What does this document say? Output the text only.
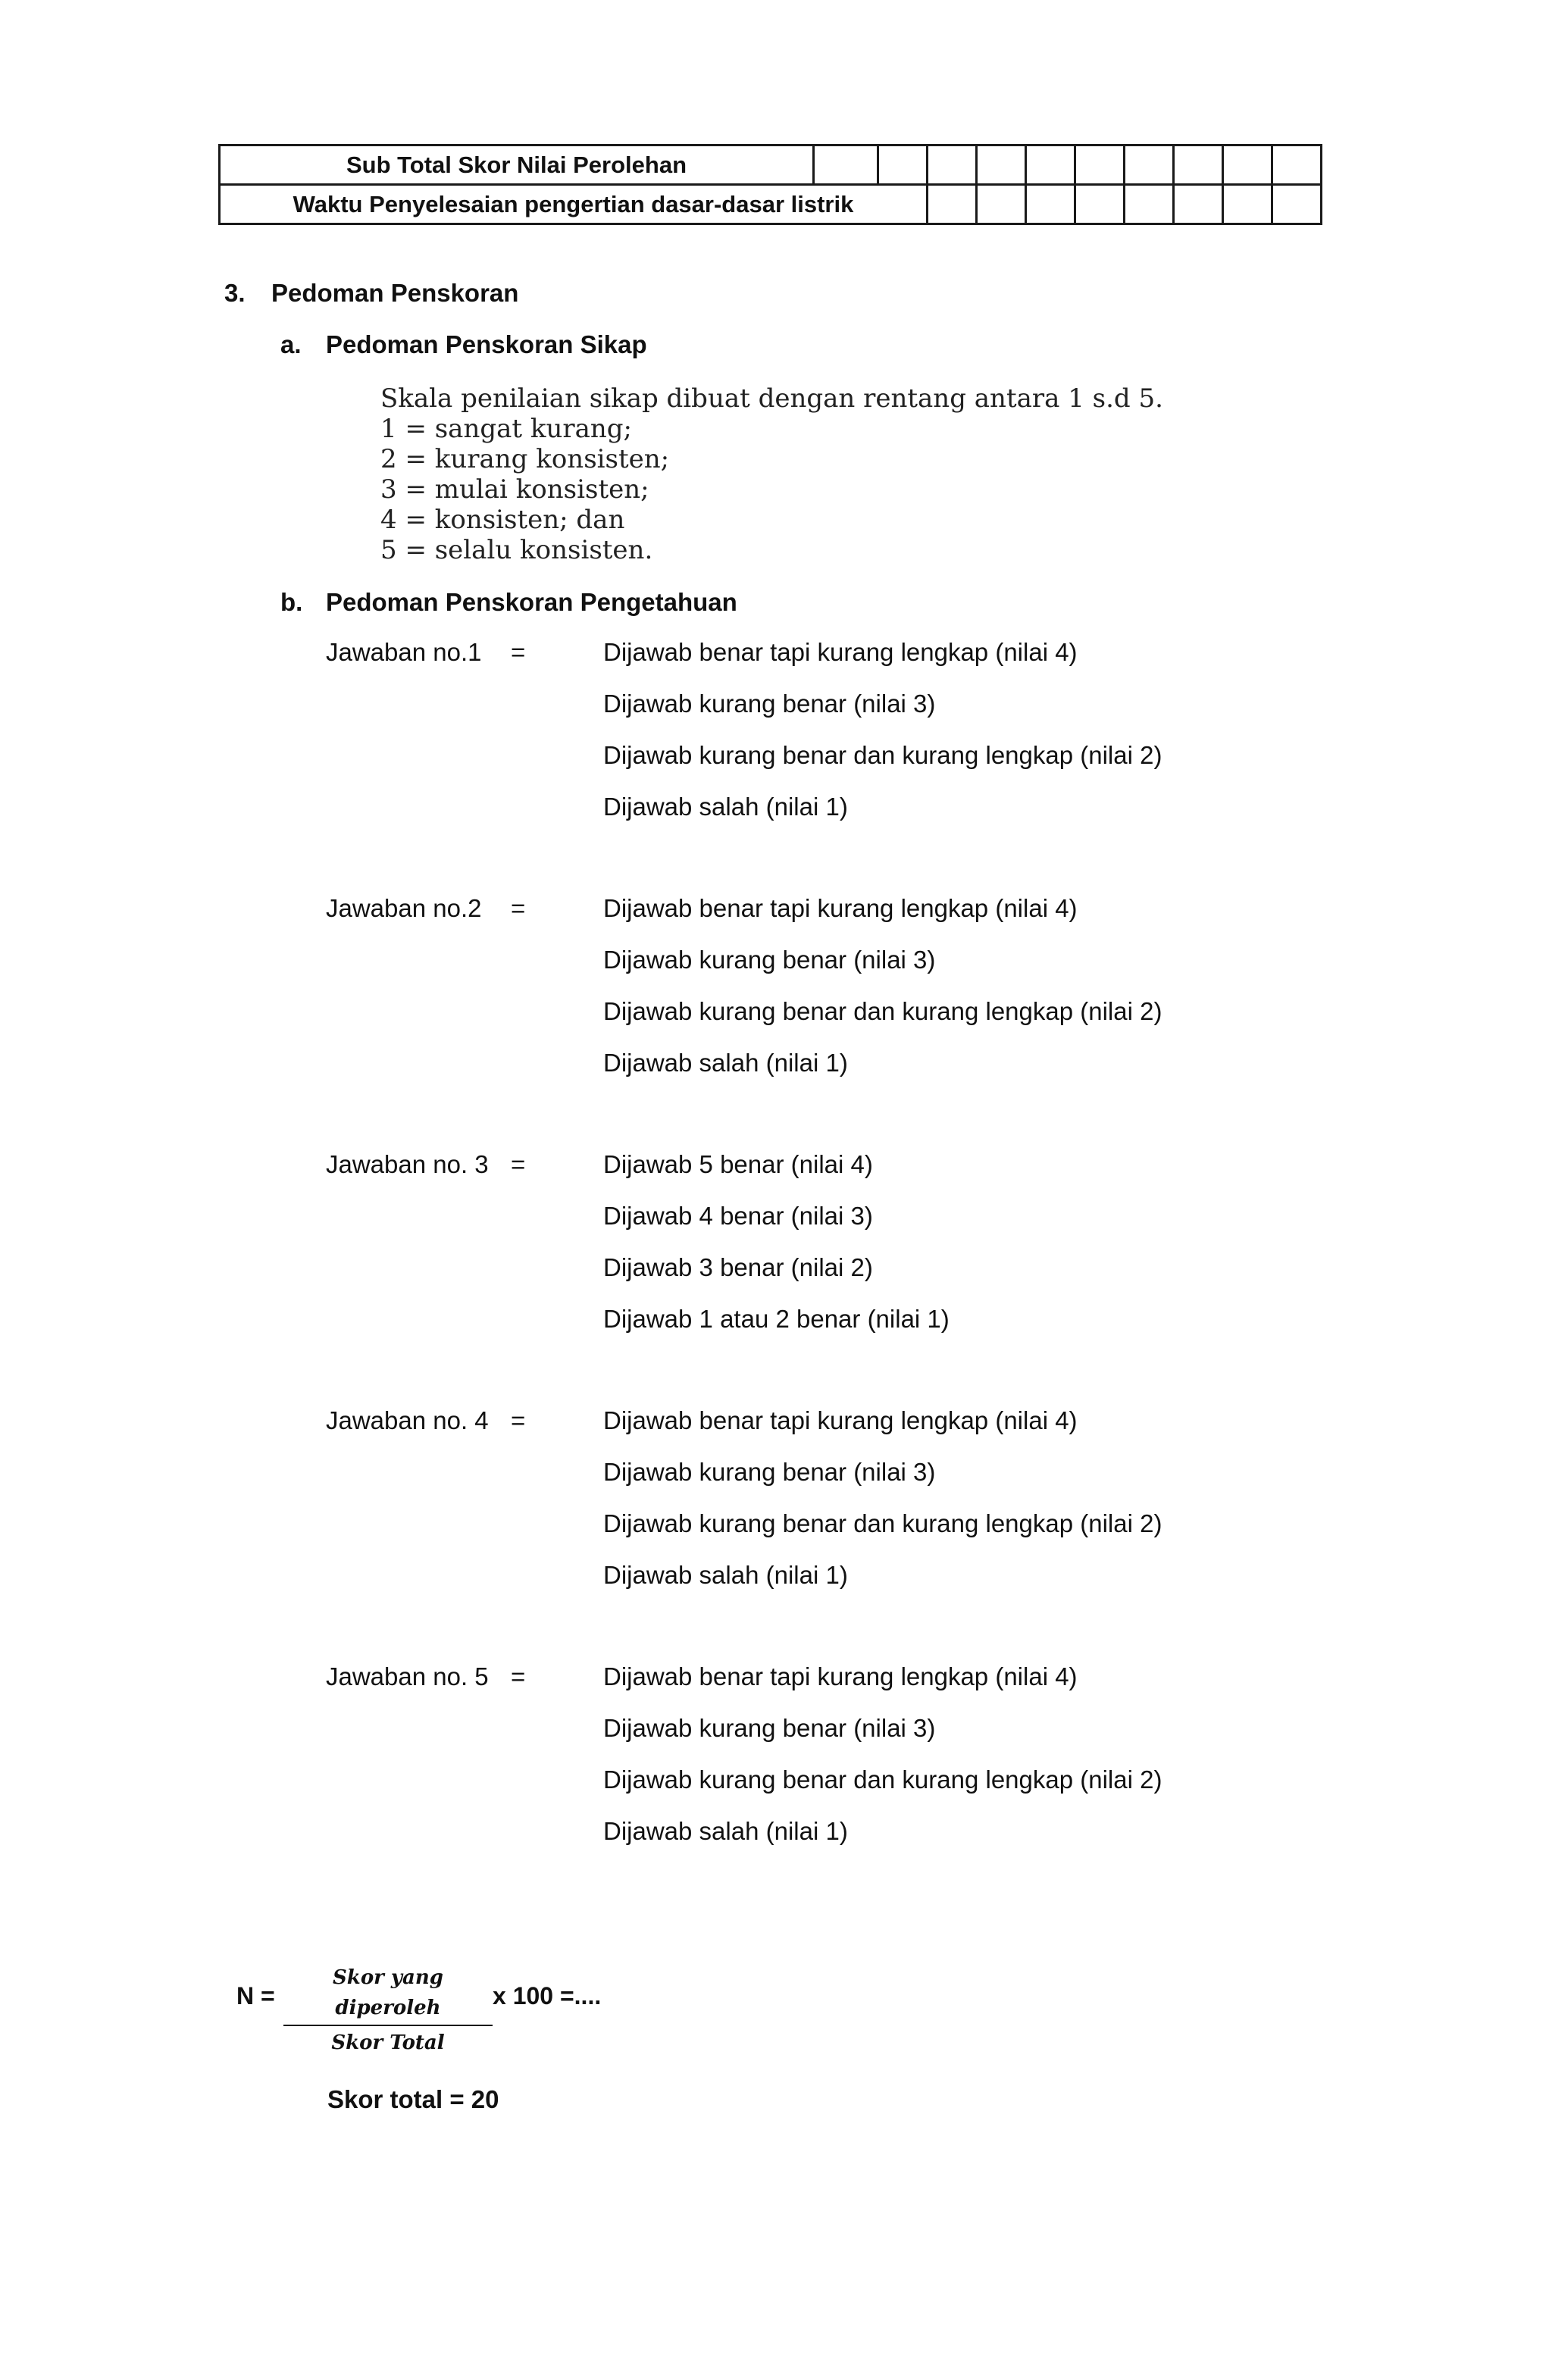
Sub Total Skor Nilai Perolehan										
Waktu Penyelesaian pengertian dasar-dasar listrik										
3. Pedoman Penskoran
a. Pedoman Penskoran Sikap
Skala penilaian sikap dibuat dengan rentang antara 1 s.d 5.
1 = sangat kurang;
2 = kurang konsisten;
3 = mulai konsisten;
4 = konsisten; dan
5 = selalu konsisten.
b. Pedoman Penskoran Pengetahuan
Jawaban no.1 =	Dijawab benar tapi kurang lengkap (nilai 4)
Dijawab kurang benar (nilai 3)
Dijawab kurang benar dan kurang lengkap (nilai 2)
Dijawab salah (nilai 1)
Jawaban no.2 =	Dijawab benar tapi kurang lengkap (nilai 4)
Dijawab kurang benar (nilai 3)
Dijawab kurang benar dan kurang lengkap (nilai 2)
Dijawab salah (nilai 1)
Jawaban no. 3 =	Dijawab 5 benar (nilai 4)
Dijawab 4 benar (nilai 3)
Dijawab 3 benar (nilai 2)
Dijawab 1 atau 2 benar (nilai 1)
Jawaban no. 4 =	Dijawab benar tapi kurang lengkap (nilai 4)
Dijawab kurang benar (nilai 3)
Dijawab kurang benar dan kurang lengkap (nilai 2)
Dijawab salah (nilai 1)
Jawaban no. 5 =	Dijawab benar tapi kurang lengkap (nilai 4)
Dijawab kurang benar (nilai 3)
Dijawab kurang benar dan kurang lengkap (nilai 2)
Dijawab salah (nilai 1)
N =	x 100 =....
Skor yang diperoleh
Skor Total
Skor total = 20
